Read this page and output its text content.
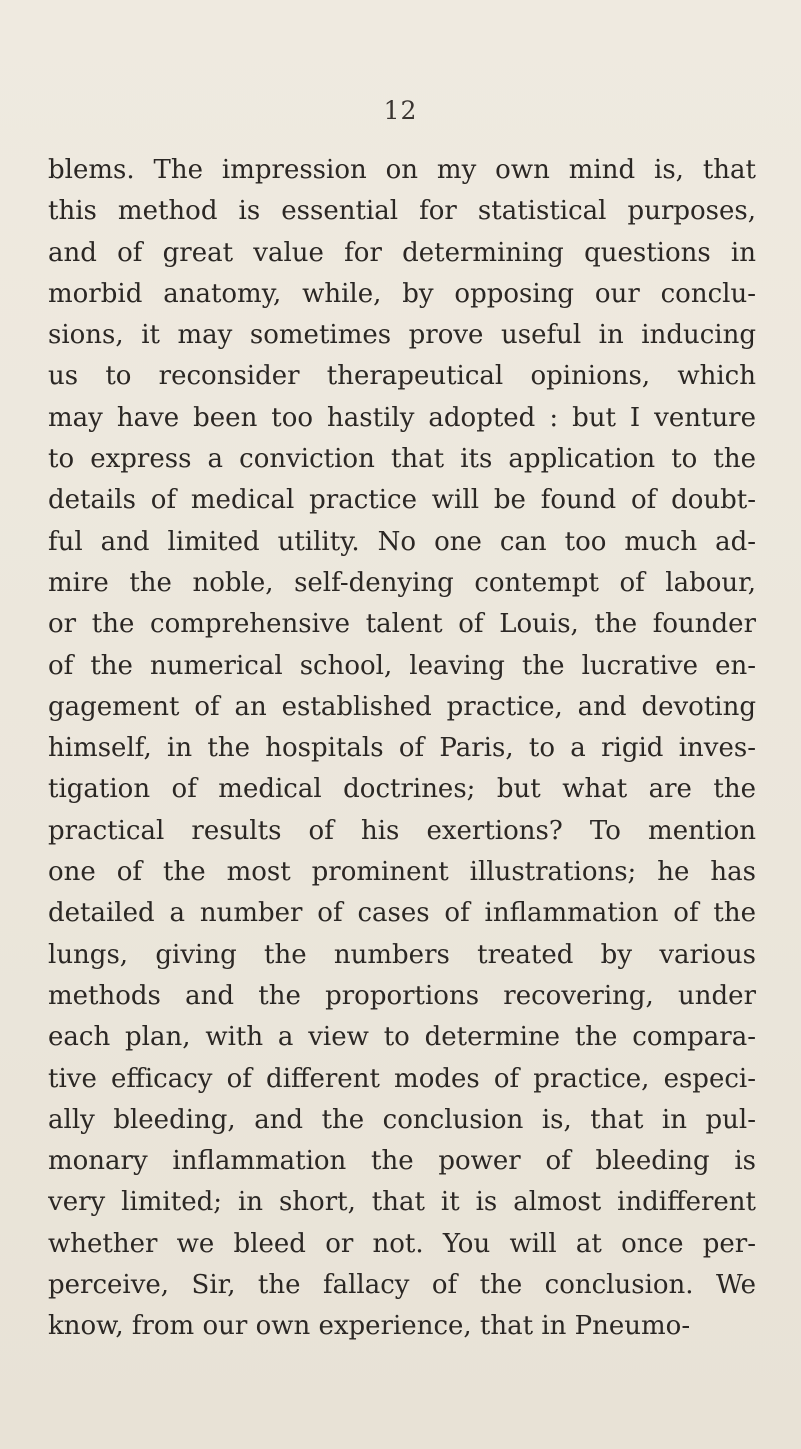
12
blems. The impression on my own mind is, that
this method is essential for statistical purposes,
and of great value for determining questions in
morbid anatomy, while, by opposing our conclu-
sions, it may sometimes prove useful in inducing
us to reconsider therapeutical opinions, which
may have been too hastily adopted : but I venture
to express a conviction that its application to the
details of medical practice will be found of doubt-
ful and limited utility. No one can too much ad-
mire the noble, self-denying contempt of labour,
or the comprehensive talent of Louis, the founder
of the numerical school, leaving the lucrative en-
gagement of an established practice, and devoting
himself, in the hospitals of Paris, to a rigid inves-
tigation of medical doctrines; but what are the
practical results of his exertions? To mention
one of the most prominent illustrations; he has
detailed a number of cases of inflammation of the
lungs, giving the numbers treated by various
methods and the proportions recovering, under
each plan, with a view to determine the compara-
tive efficacy of different modes of practice, especi-
ally bleeding, and the conclusion is, that in pul-
monary inflammation the power of bleeding is
very limited; in short, that it is almost indifferent
whether we bleed or not. You will at once per-
perceive, Sir, the fallacy of the conclusion. We
know, from our own experience, that in Pneumo-
